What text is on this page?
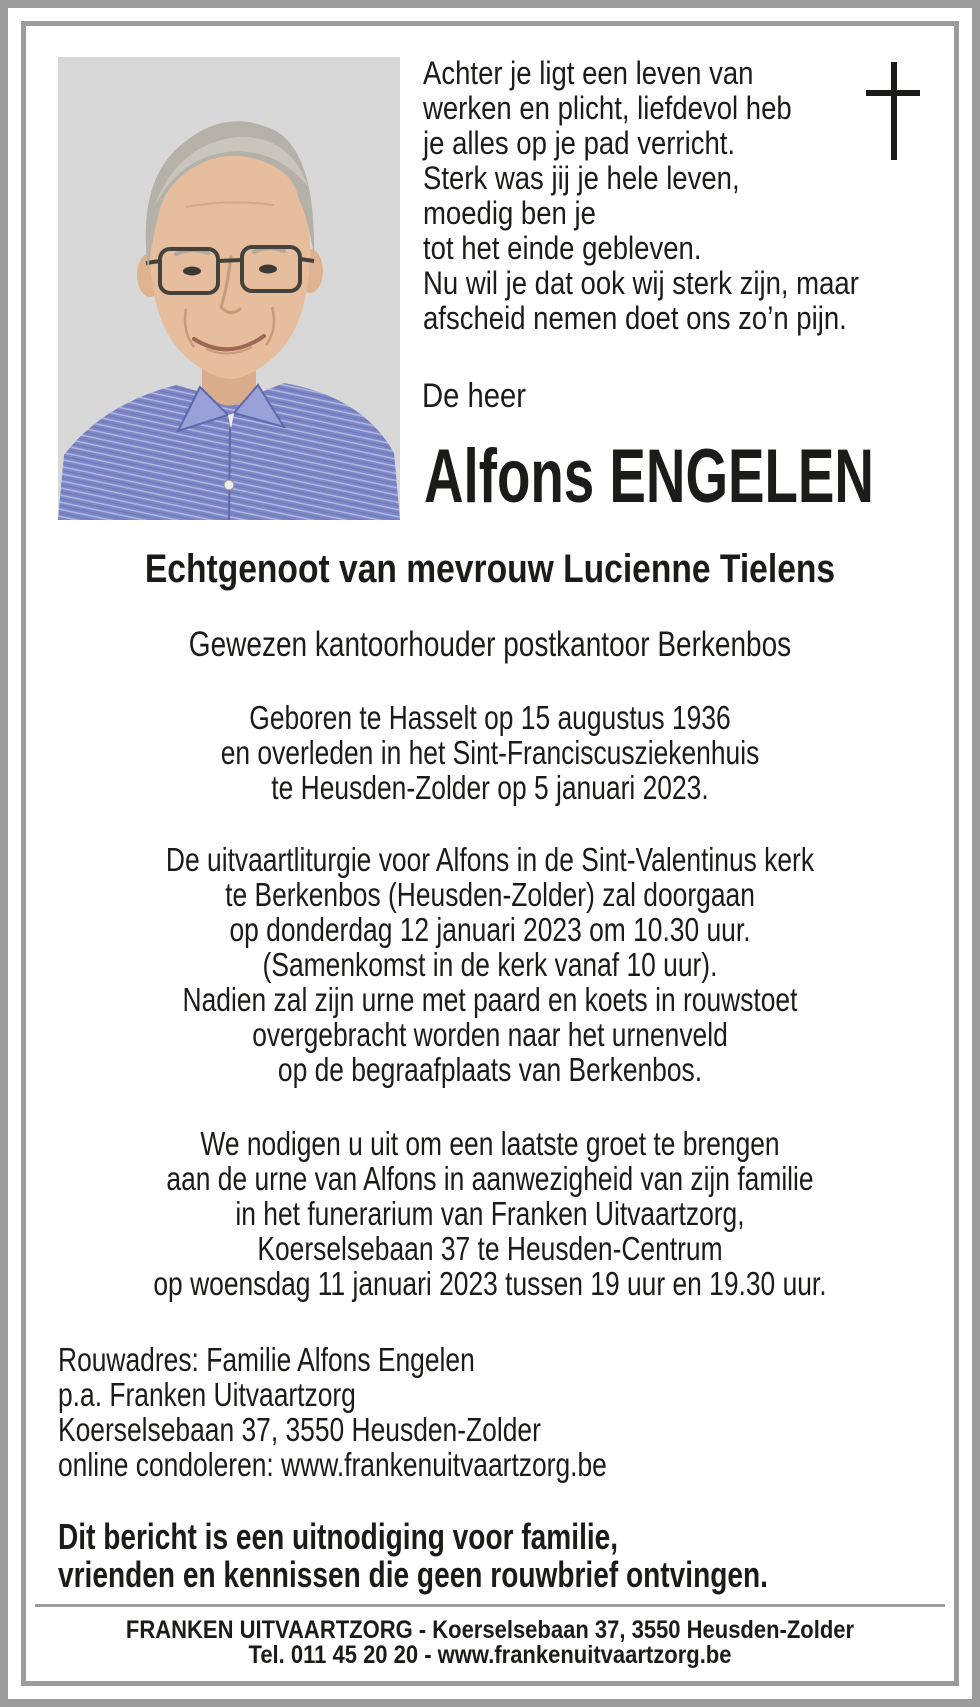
Achter je ligt een leven van
werken en plicht, liefdevol heb
je alles op je pad verricht.
Sterk was jij je hele leven,
moedig ben je
tot het einde gebleven.
Nu wil je dat ook wij sterk zijn, maar
afscheid nemen doet ons zo’n pijn.
De heer
Alfons ENGELEN
Echtgenoot van mevrouw Lucienne Tielens
Gewezen kantoorhouder postkantoor Berkenbos
Geboren te Hasselt op 15 augustus 1936
en overleden in het Sint-Franciscusziekenhuis
te Heusden-Zolder op 5 januari 2023.
De uitvaartliturgie voor Alfons in de Sint-Valentinus kerk
te Berkenbos (Heusden-Zolder) zal doorgaan
op donderdag 12 januari 2023 om 10.30 uur.
(Samenkomst in de kerk vanaf 10 uur).
Nadien zal zijn urne met paard en koets in rouwstoet
overgebracht worden naar het urnenveld
op de begraafplaats van Berkenbos.
We nodigen u uit om een laatste groet te brengen
aan de urne van Alfons in aanwezigheid van zijn familie
in het funerarium van Franken Uitvaartzorg,
Koerselsebaan 37 te Heusden-Centrum
op woensdag 11 januari 2023 tussen 19 uur en 19.30 uur.
Rouwadres: Familie Alfons Engelen
p.a. Franken Uitvaartzorg
Koerselsebaan 37, 3550 Heusden-Zolder
online condoleren: www.frankenuitvaartzorg.be
Dit bericht is een uitnodiging voor familie,
vrienden en kennissen die geen rouwbrief ontvingen.
FRANKEN UITVAARTZORG - Koerselsebaan 37, 3550 Heusden-Zolder
Tel. 011 45 20 20 - www.frankenuitvaartzorg.be
